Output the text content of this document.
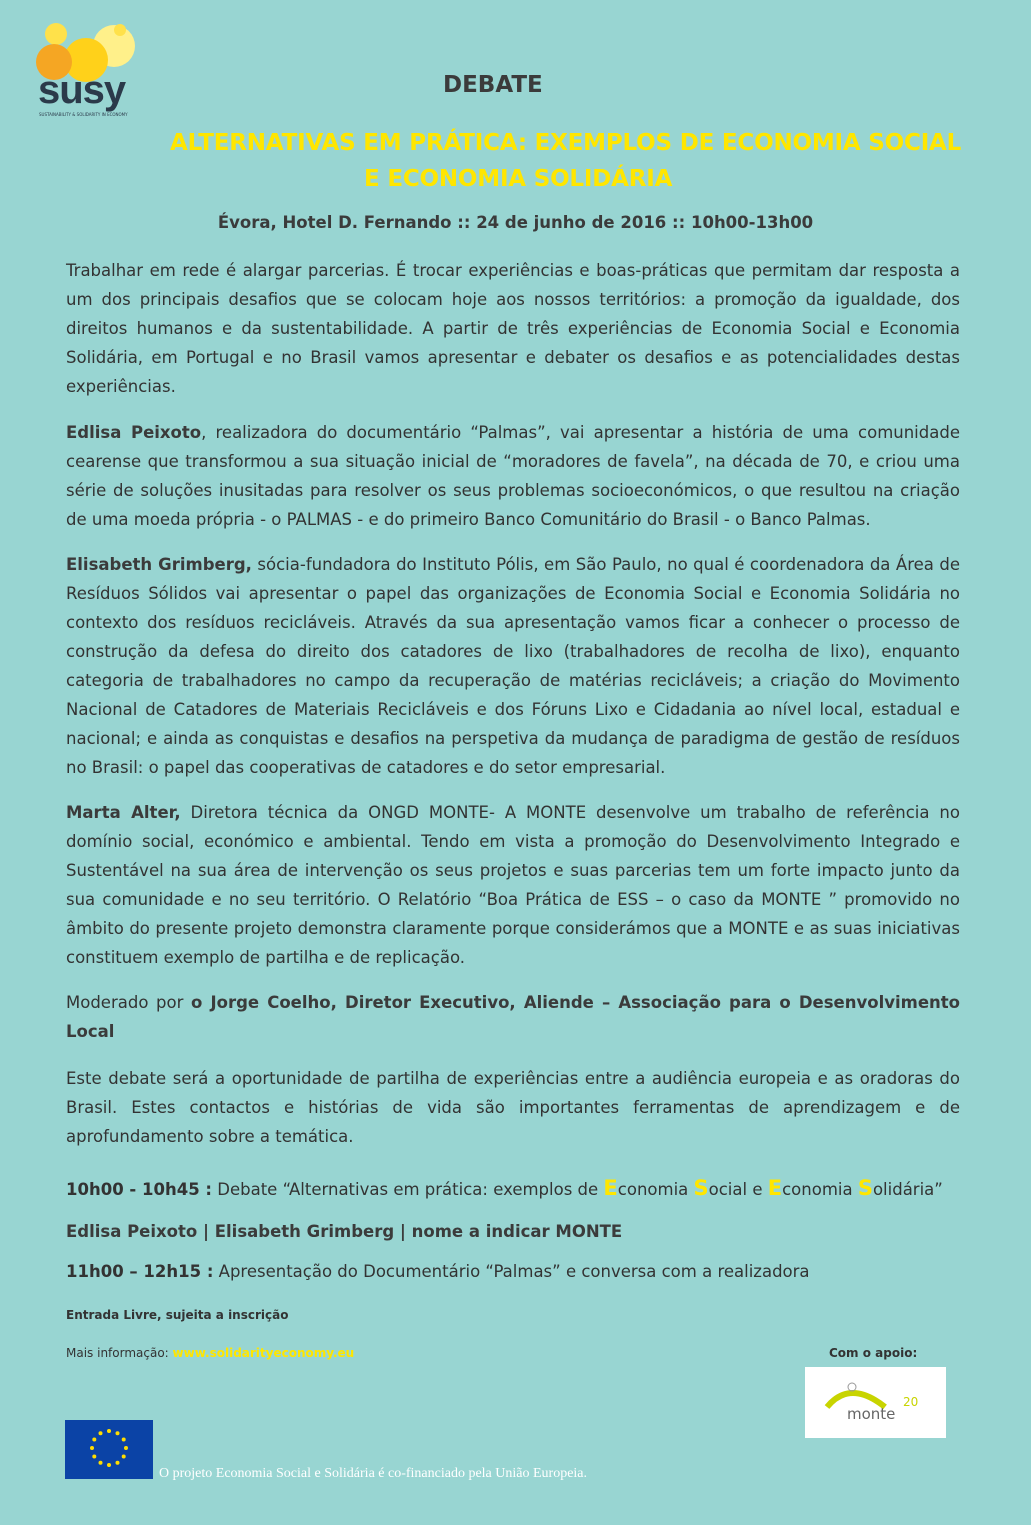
susy
SUSTAINABILITY & SOLIDARITY IN ECONOMY
DEBATE
ALTERNATIVAS EM PRÁTICA: EXEMPLOS DE ECONOMIA SOCIAL
E ECONOMIA SOLIDÁRIA
Évora, Hotel D. Fernando :: 24 de junho de 2016 :: 10h00-13h00
Trabalhar em rede é alargar parcerias. É trocar experiências e boas-práticas que permitam dar resposta a um dos principais desafios que se colocam hoje aos nossos territórios: a promoção da igualdade, dos direitos humanos e da sustentabilidade. A partir de três experiências de Economia Social e Economia Solidária, em Portugal e no Brasil vamos apresentar e debater os desafios e as potencialidades destas experiências.
Edlisa Peixoto, realizadora do documentário “Palmas”, vai apresentar a história de uma comunidade cearense que transformou a sua situação inicial de “moradores de favela”, na década de 70, e criou uma série de soluções inusitadas para resolver os seus problemas socioeconómicos, o que resultou na criação de uma moeda própria - o PALMAS - e do primeiro Banco Comunitário do Brasil - o Banco Palmas.
Elisabeth Grimberg, sócia-fundadora do Instituto Pólis, em São Paulo, no qual é coordenadora da Área de Resíduos Sólidos vai apresentar o papel das organizações de Economia Social e Economia Solidária no contexto dos resíduos recicláveis. Através da sua apresentação vamos ficar a conhecer o processo de construção da defesa do direito dos catadores de lixo (trabalhadores de recolha de lixo), enquanto categoria de trabalhadores no campo da recuperação de matérias recicláveis; a criação do Movimento Nacional de Catadores de Materiais Recicláveis e dos Fóruns Lixo e Cidadania ao nível local, estadual e nacional; e ainda as conquistas e desafios na perspetiva da mudança de paradigma de gestão de resíduos no Brasil: o papel das cooperativas de catadores e do setor empresarial.
Marta Alter, Diretora técnica da ONGD MONTE- A MONTE desenvolve um trabalho de referência no domínio social, económico e ambiental. Tendo em vista a promoção do Desenvolvimento Integrado e Sustentável na sua área de intervenção os seus projetos e suas parcerias tem um forte impacto junto da sua comunidade e no seu território. O Relatório “Boa Prática de ESS – o caso da MONTE ” promovido no âmbito do presente projeto demonstra claramente porque considerámos que a MONTE e as suas iniciativas constituem exemplo de partilha e de replicação.
Moderado por o Jorge Coelho, Diretor Executivo, Aliende – Associação para o Desenvolvimento Local
Este debate será a oportunidade de partilha de experiências entre a audiência europeia e as oradoras do Brasil. Estes contactos e histórias de vida são importantes ferramentas de aprendizagem e de aprofundamento sobre a temática.
10h00 - 10h45 : Debate “Alternativas em prática: exemplos de Economia Social e Economia Solidária”
Edlisa Peixoto | Elisabeth Grimberg | nome a indicar MONTE
11h00 – 12h15 : Apresentação do Documentário “Palmas” e conversa com a realizadora
Entrada Livre, sujeita a inscrição
Mais informação: www.solidarityeconomy.eu	Com o apoio:
monte
20
O projeto Economia Social e Solidária é co-financiado pela União Europeia.
